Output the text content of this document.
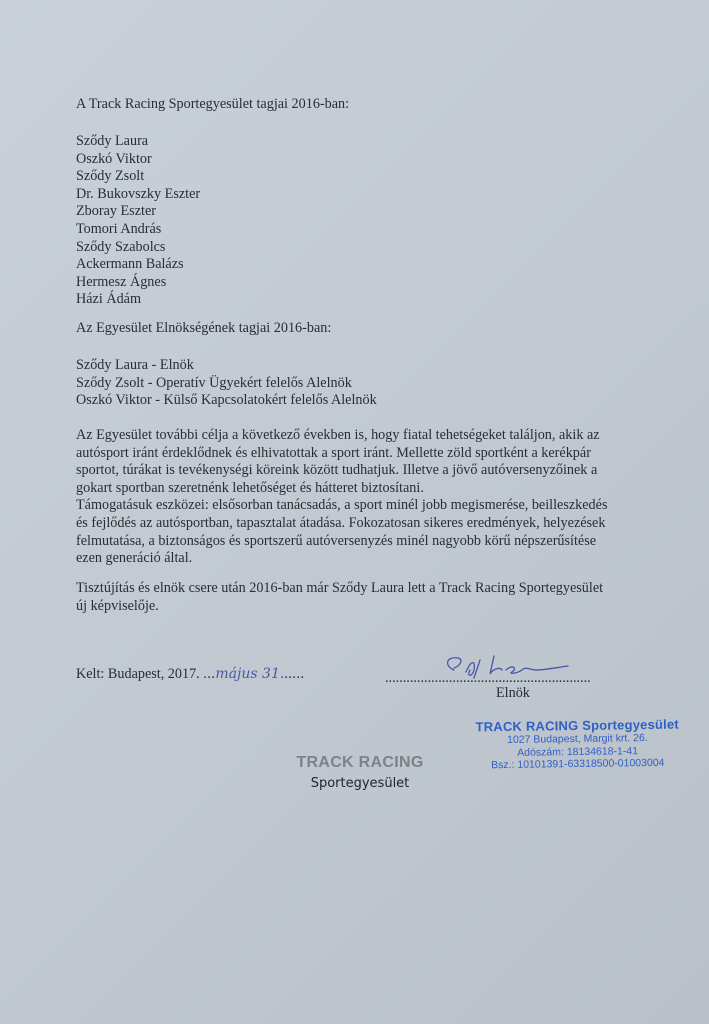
A Track Racing Sportegyesület tagjai 2016-ban:
Sződy Laura
Oszkó Viktor
Sződy Zsolt
Dr. Bukovszky Eszter
Zboray Eszter
Tomori András
Sződy Szabolcs
Ackermann Balázs
Hermesz Ágnes
Házi Ádám
Az Egyesület Elnökségének tagjai 2016-ban:
Sződy Laura - Elnök
Sződy Zsolt - Operatív Ügyekért felelős Alelnök
Oszkó Viktor - Külső Kapcsolatokért felelős Alelnök

Az Egyesület további célja a következő években is, hogy fiatal tehetségeket találjon, akik az
autósport iránt érdeklődnek és elhivatottak a sport iránt. Mellette zöld sportként a kerékpár
sportot, túrákat is tevékenységi köreink között tudhatjuk. Illetve a jövő autóversenyzőinek a
gokart sportban szeretnénk lehetőséget és hátteret biztosítani.
Támogatásuk eszközei: elsősorban tanácsadás, a sport minél jobb megismerése, beilleszkedés
és fejlődés az autósportban, tapasztalat átadása. Fokozatosan sikeres eredmények, helyezések
felmutatása, a biztonságos és sportszerű autóversenyzés minél nagyobb körű népszerűsítése
ezen generáció által.

Tisztújítás és elnök csere után 2016-ban már Sződy Laura lett a Track Racing Sportegyesület
új képviselője.

Kelt: Budapest, 2017. ...május 31......	..........................................................
Elnök
TRACK RACING Sportegyesület
1027 Budapest, Margit krt. 26.
Adószám: 18134618-1-41
Bsz.: 10101391-63318500-01003004
TRACK RACING
Sportegyesület
